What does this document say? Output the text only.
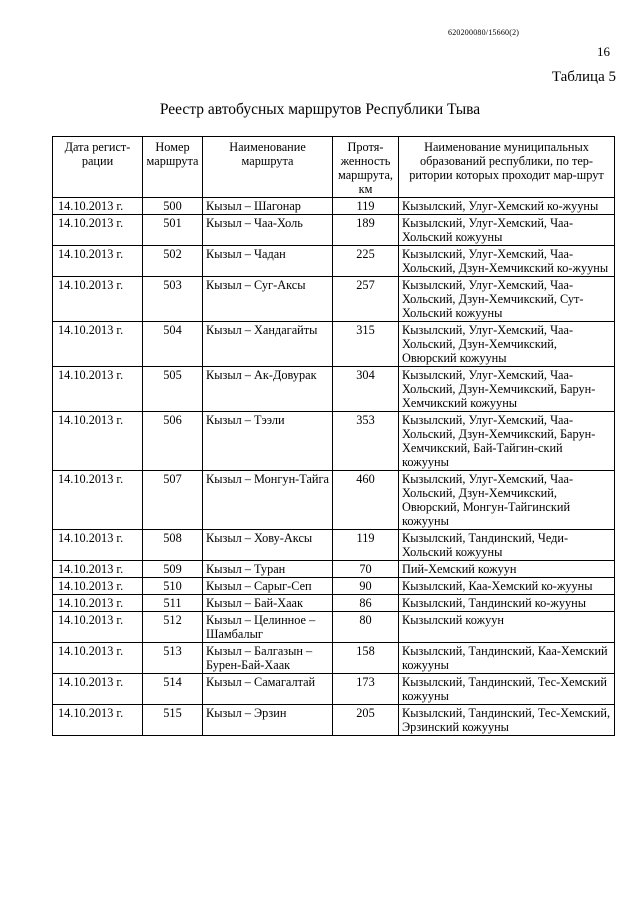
620200080/15660(2)
16
Таблица 5
Реестр автобусных маршрутов Республики Тыва
Дата регист-рации	Номер маршрута	Наименование маршрута	Протя-женность маршрута, км	Наименование муниципальных образований республики, по тер-ритории которых проходит мар-шрут
14.10.2013 г.	500	Кызыл – Шагонар	119	Кызылский, Улуг-Хемский ко-жууны
14.10.2013 г.	501	Кызыл – Чаа-Холь	189	Кызылский, Улуг-Хемский, Чаа-Хольский кожууны
14.10.2013 г.	502	Кызыл – Чадан	225	Кызылский, Улуг-Хемский, Чаа-Хольский, Дзун-Хемчикский ко-жууны
14.10.2013 г.	503	Кызыл – Суг-Аксы	257	Кызылский, Улуг-Хемский, Чаа-Хольский, Дзун-Хемчикский, Сут-Хольский кожууны
14.10.2013 г.	504	Кызыл – Хандагайты	315	Кызылский, Улуг-Хемский, Чаа-Хольский, Дзун-Хемчикский, Овюрский кожууны
14.10.2013 г.	505	Кызыл – Ак-Довурак	304	Кызылский, Улуг-Хемский, Чаа-Хольский, Дзун-Хемчикский, Барун-Хемчикский кожууны
14.10.2013 г.	506	Кызыл – Тээли	353	Кызылский, Улуг-Хемский, Чаа-Хольский, Дзун-Хемчикский, Барун-Хемчикский, Бай-Тайгин-ский кожууны
14.10.2013 г.	507	Кызыл – Монгун-Тайга	460	Кызылский, Улуг-Хемский, Чаа-Хольский, Дзун-Хемчикский, Овюрский, Монгун-Тайгинский кожууны
14.10.2013 г.	508	Кызыл – Хову-Аксы	119	Кызылский, Тандинский, Чеди-Хольский кожууны
14.10.2013 г.	509	Кызыл – Туран	70	Пий-Хемский кожуун
14.10.2013 г.	510	Кызыл – Сарыг-Сеп	90	Кызылский, Каа-Хемский ко-жууны
14.10.2013 г.	511	Кызыл – Бай-Хаак	86	Кызылский, Тандинский ко-жууны
14.10.2013 г.	512	Кызыл – Целинное – Шамбалыг	80	Кызылский кожуун
14.10.2013 г.	513	Кызыл – Балгазын – Бурен-Бай-Хаак	158	Кызылский, Тандинский, Каа-Хемский кожууны
14.10.2013 г.	514	Кызыл – Самагалтай	173	Кызылский, Тандинский, Тес-Хемский кожууны
14.10.2013 г.	515	Кызыл – Эрзин	205	Кызылский, Тандинский, Тес-Хемский, Эрзинский кожууны
